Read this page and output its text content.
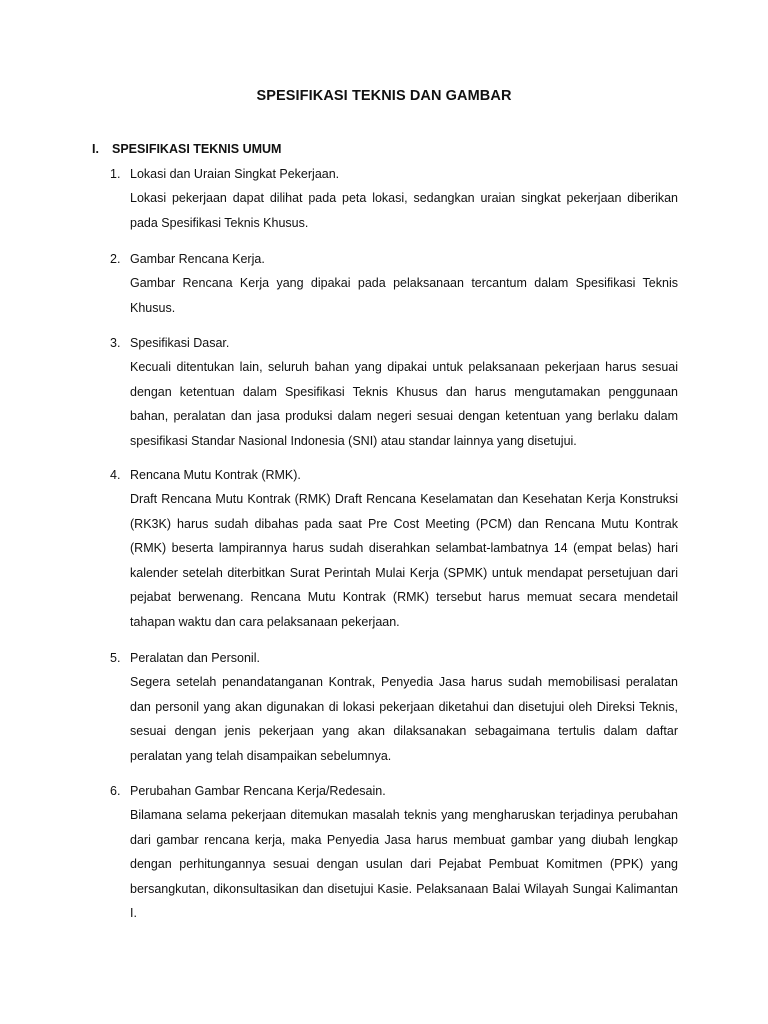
SPESIFIKASI TEKNIS DAN GAMBAR
I. SPESIFIKASI TEKNIS UMUM
1. Lokasi dan Uraian Singkat Pekerjaan.
Lokasi pekerjaan dapat dilihat pada peta lokasi, sedangkan uraian singkat pekerjaan diberikan pada Spesifikasi Teknis Khusus.
2. Gambar Rencana Kerja.
Gambar Rencana Kerja yang dipakai pada pelaksanaan tercantum dalam Spesifikasi Teknis Khusus.
3. Spesifikasi Dasar.
Kecuali ditentukan lain, seluruh bahan yang dipakai untuk pelaksanaan pekerjaan harus sesuai dengan ketentuan dalam Spesifikasi Teknis Khusus dan harus mengutamakan penggunaan bahan, peralatan dan jasa produksi dalam negeri sesuai dengan ketentuan yang berlaku dalam spesifikasi Standar Nasional Indonesia (SNI) atau standar lainnya yang disetujui.
4. Rencana Mutu Kontrak (RMK).
Draft Rencana Mutu Kontrak (RMK) Draft Rencana Keselamatan dan Kesehatan Kerja Konstruksi (RK3K) harus sudah dibahas pada saat Pre Cost Meeting (PCM) dan Rencana Mutu Kontrak (RMK) beserta lampirannya harus sudah diserahkan selambat-lambatnya 14 (empat belas) hari kalender setelah diterbitkan Surat Perintah Mulai Kerja (SPMK) untuk mendapat persetujuan dari pejabat berwenang. Rencana Mutu Kontrak (RMK) tersebut harus memuat secara mendetail tahapan waktu dan cara pelaksanaan pekerjaan.
5. Peralatan dan Personil.
Segera setelah penandatanganan Kontrak, Penyedia Jasa harus sudah memobilisasi peralatan dan personil yang akan digunakan di lokasi pekerjaan diketahui dan disetujui oleh Direksi Teknis, sesuai dengan jenis pekerjaan yang akan dilaksanakan sebagaimana tertulis dalam daftar peralatan yang telah disampaikan sebelumnya.
6. Perubahan Gambar Rencana Kerja/Redesain.
Bilamana selama pekerjaan ditemukan masalah teknis yang mengharuskan terjadinya perubahan dari gambar rencana kerja, maka Penyedia Jasa harus membuat gambar yang diubah lengkap dengan perhitungannya sesuai dengan usulan dari Pejabat Pembuat Komitmen (PPK) yang bersangkutan, dikonsultasikan dan disetujui Kasie. Pelaksanaan Balai Wilayah Sungai Kalimantan I.
